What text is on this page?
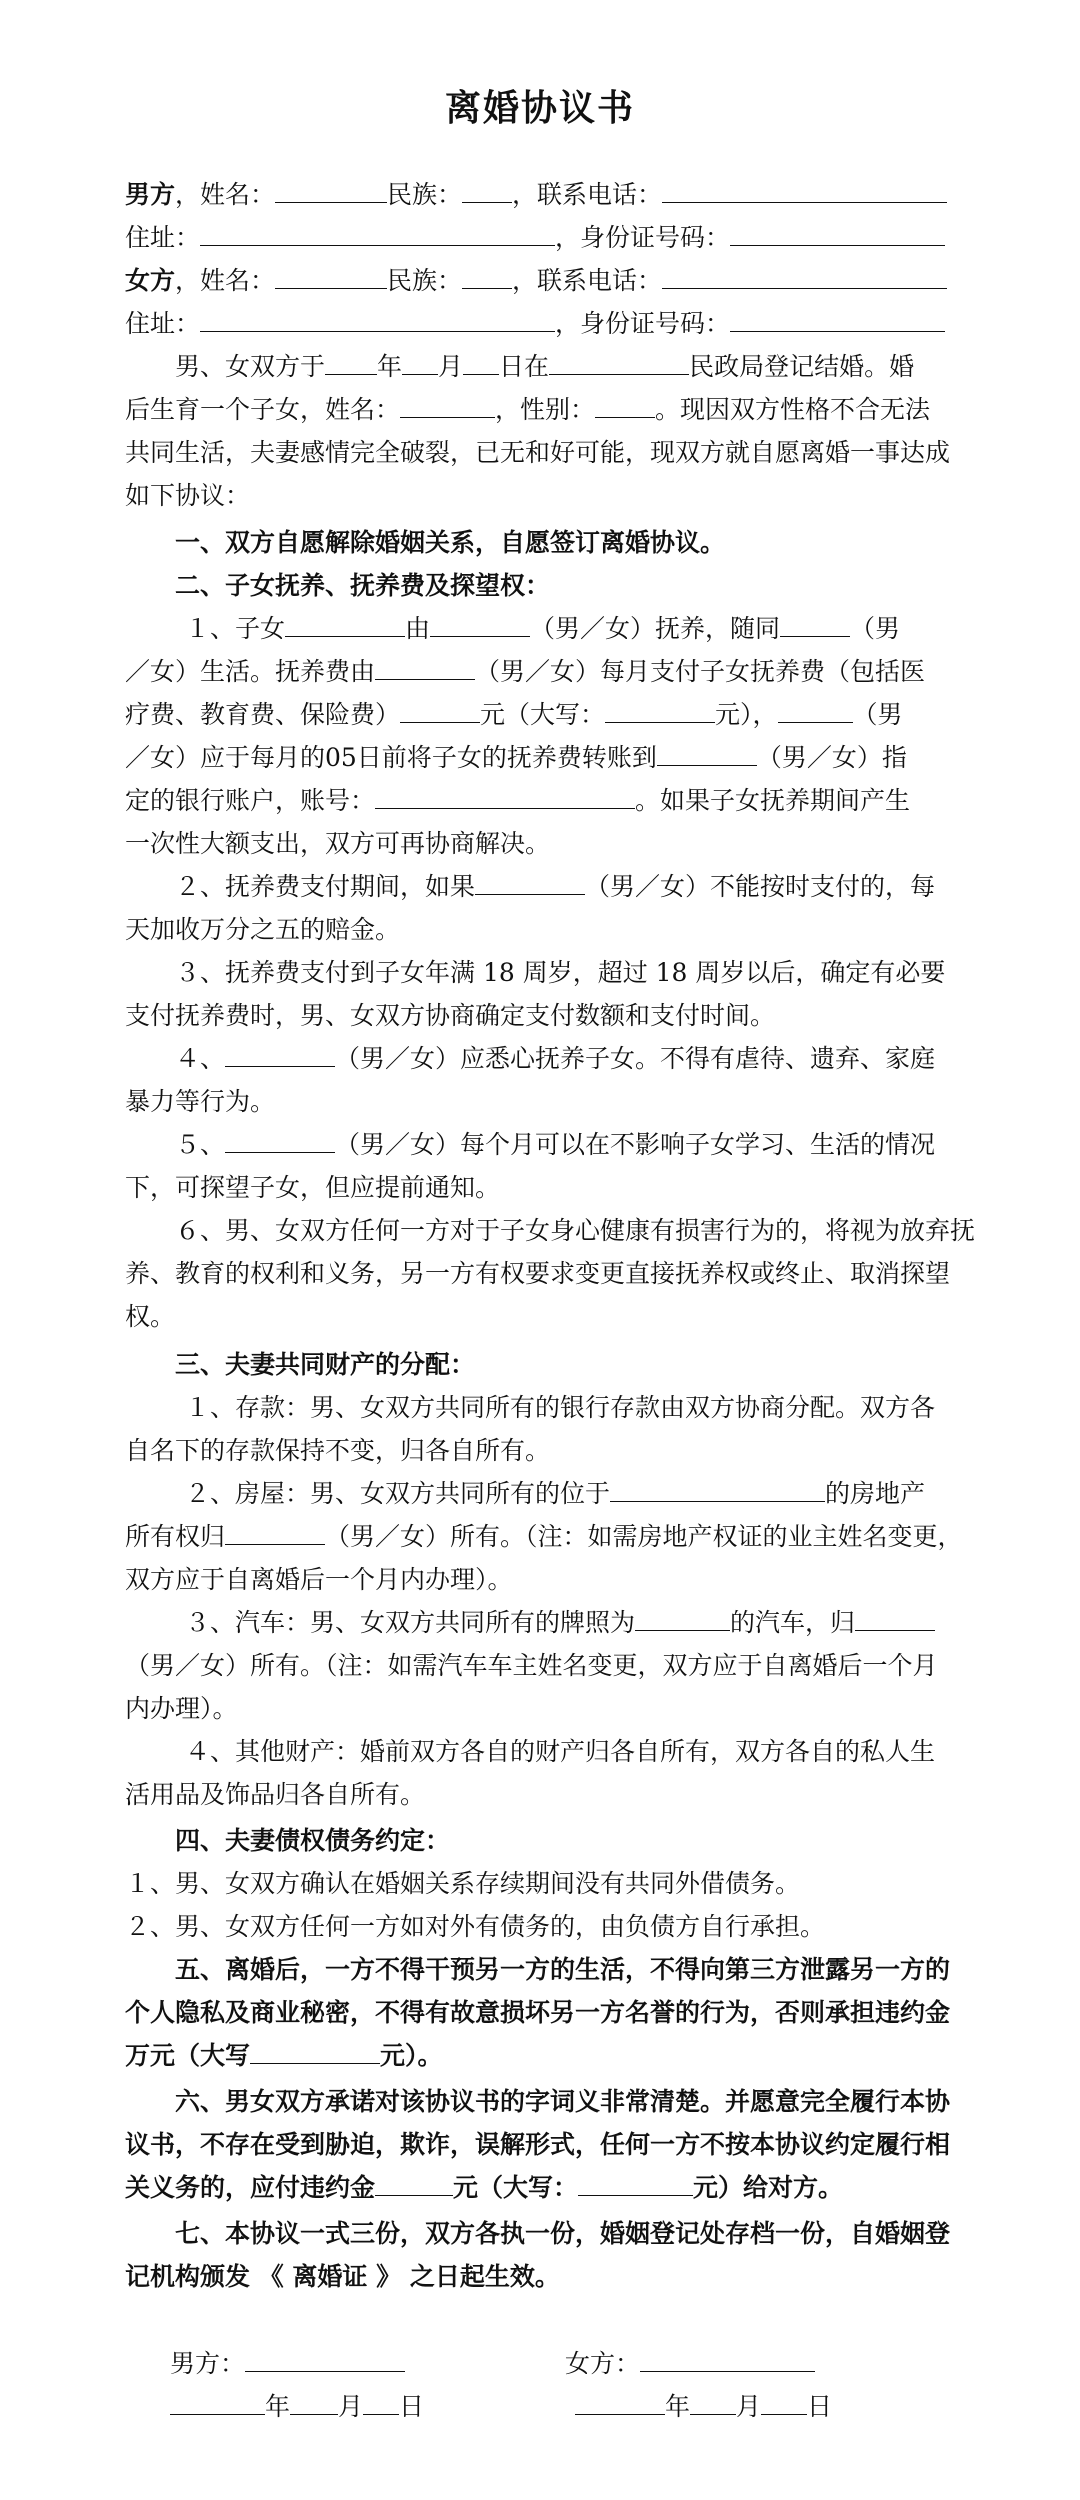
离婚协议书
男方，姓名：	民族： ，联系电话：
住址：	，身份证号码：
女方，姓名：	民族： ，联系电话：
住址：	，身份证号码：
男、女双方于 年 月 日在	民政局登记结婚。婚
后生育一个子女，姓名：	，性别： 。现因双方性格不合无法
共同生活，夫妻感情完全破裂，已无和好可能，现双方就自愿离婚一事达成
如下协议：
一、双方自愿解除婚姻关系，自愿签订离婚协议。
二、子女抚养、抚养费及探望权：
１、子女	由	（男／女）抚养，随同	（男
／女）生活。抚养费由	（男／女）每月支付子女抚养费（包括医
疗费、教育费、保险费）	元（大写：	元），	（男
／女）应于每月的05日前将子女的抚养费转账到	（男／女）指
定的银行账户，账号：	。如果子女抚养期间产生
一次性大额支出，双方可再协商解决。
２、抚养费支付期间，如果	（男／女）不能按时支付的，每
天加收万分之五的赔金。
３、抚养费支付到子女年满 18 周岁，超过 18 周岁以后，确定有必要
支付抚养费时，男、女双方协商确定支付数额和支付时间。
４、	（男／女）应悉心抚养子女。不得有虐待、遗弃、家庭
暴力等行为。
５、	（男／女）每个月可以在不影响子女学习、生活的情况
下，可探望子女，但应提前通知。
６、男、女双方任何一方对于子女身心健康有损害行为的，将视为放弃抚
养、教育的权利和义务，另一方有权要求变更直接抚养权或终止、取消探望
权。
三、夫妻共同财产的分配：
１、存款：男、女双方共同所有的银行存款由双方协商分配。双方各
自名下的存款保持不变，归各自所有。
２、房屋：男、女双方共同所有的位于	的房地产
所有权归	（男／女）所有。（注：如需房地产权证的业主姓名变更，
双方应于自离婚后一个月内办理）。
３、汽车：男、女双方共同所有的牌照为	的汽车，归
（男／女）所有。（注：如需汽车车主姓名变更，双方应于自离婚后一个月
内办理）。
４、其他财产：婚前双方各自的财产归各自所有，双方各自的私人生
活用品及饰品归各自所有。
四、夫妻债权债务约定：
１、男、女双方确认在婚姻关系存续期间没有共同外借债务。
２、男、女双方任何一方如对外有债务的，由负债方自行承担。
五、离婚后，一方不得干预另一方的生活，不得向第三方泄露另一方的
个人隐私及商业秘密，不得有故意损坏另一方名誉的行为，否则承担违约金
万元（大写	元）。
六、男女双方承诺对该协议书的字词义非常清楚。并愿意完全履行本协
议书，不存在受到胁迫，欺诈，误解形式，任何一方不按本协议约定履行相
关义务的，应付违约金	元（大写：	元）给对方。
七、本协议一式三份，双方各执一份，婚姻登记处存档一份，自婚姻登
记机构颁发 《 离婚证 》 之日起生效。
男方：	女方：
年 月 日	年 月 日
